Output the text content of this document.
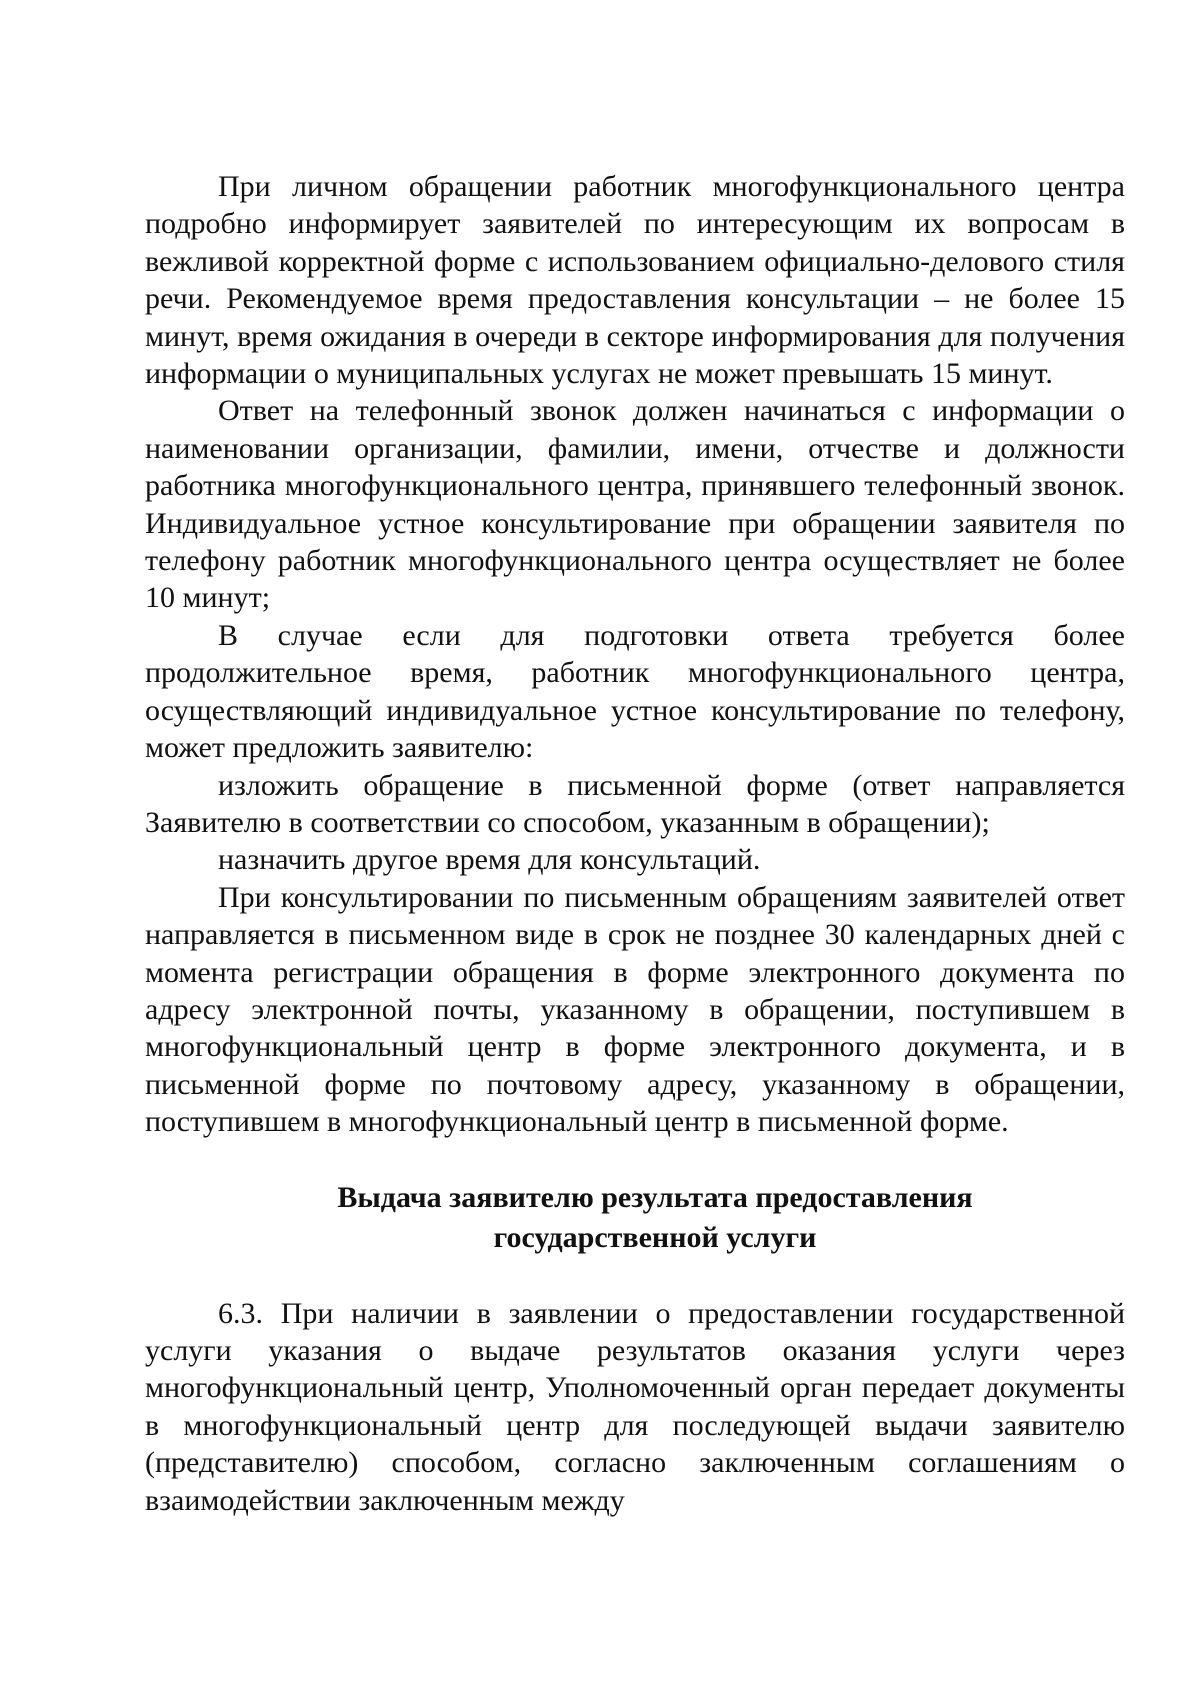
При личном обращении работник многофункционального центра подробно информирует заявителей по интересующим их вопросам в вежливой корректной форме с использованием официально-делового стиля речи. Рекомендуемое время предоставления консультации – не более 15 минут, время ожидания в очереди в секторе информирования для получения информации о муниципальных услугах не может превышать 15 минут.

Ответ на телефонный звонок должен начинаться с информации о наименовании организации, фамилии, имени, отчестве и должности работника многофункционального центра, принявшего телефонный звонок. Индивидуальное устное консультирование при обращении заявителя по телефону работник многофункционального центра осуществляет не более 10 минут;

В случае если для подготовки ответа требуется более продолжительное время, работник многофункционального центра, осуществляющий индивидуальное устное консультирование по телефону, может предложить заявителю:

изложить обращение в письменной форме (ответ направляется Заявителю в соответствии со способом, указанным в обращении);

назначить другое время для консультаций.

При консультировании по письменным обращениям заявителей ответ направляется в письменном виде в срок не позднее 30 календарных дней с момента регистрации обращения в форме электронного документа по адресу электронной почты, указанному в обращении, поступившем в многофункциональный центр в форме электронного документа, и в письменной форме по почтовому адресу, указанному в обращении, поступившем в многофункциональный центр в письменной форме.

Выдача заявителю результата предоставления
государственной услуги

6.3. При наличии в заявлении о предоставлении государственной услуги указания о выдаче результатов оказания услуги через многофункциональный центр, Уполномоченный орган передает документы в многофункциональный центр для последующей выдачи заявителю (представителю) способом, согласно заключенным соглашениям о взаимодействии заключенным между
